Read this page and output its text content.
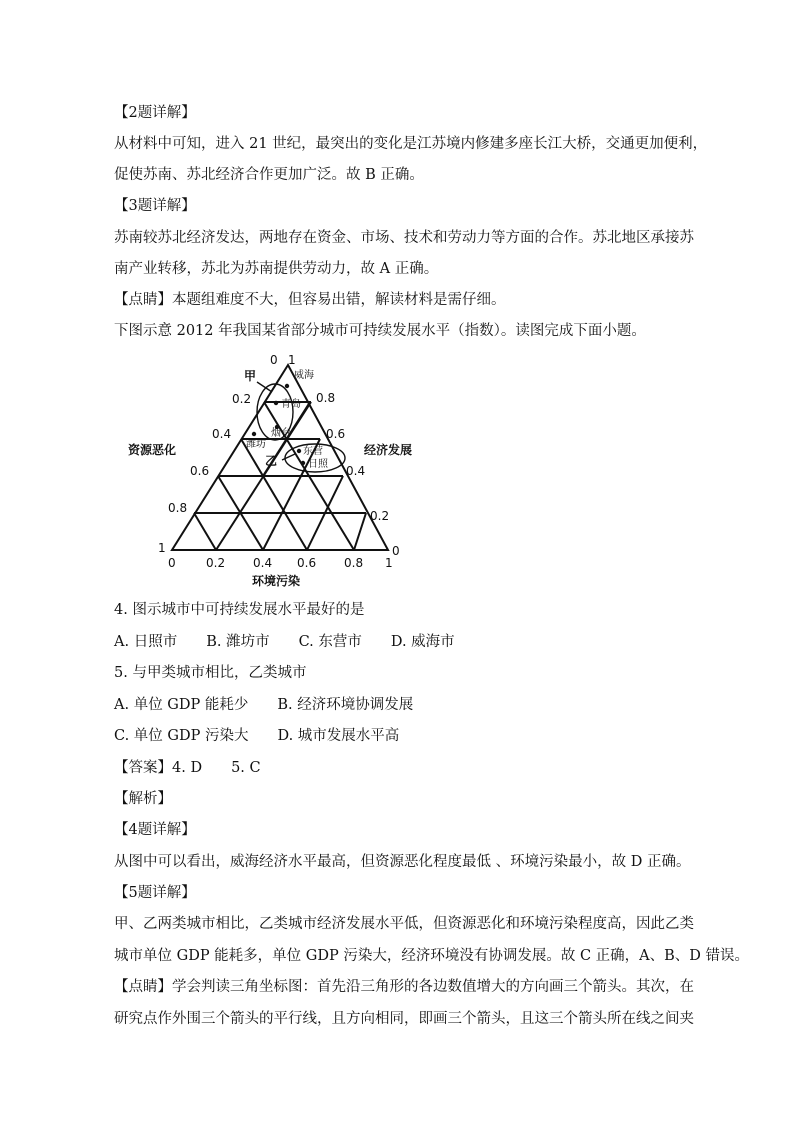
【2题详解】
从材料中可知，进入 21 世纪，最突出的变化是江苏境内修建多座长江大桥，交通更加便利，
促使苏南、苏北经济合作更加广泛。故 B 正确。
【3题详解】
苏南较苏北经济发达，两地存在资金、市场、技术和劳动力等方面的合作。苏北地区承接苏
南产业转移，苏北为苏南提供劳动力，故 A 正确。
【点睛】本题组难度不大，但容易出错，解读材料是需仔细。
下图示意 2012 年我国某省部分城市可持续发展水平（指数）。读图完成下面小题。
0 1
0.2
0.4
0.6
0.8
1
0.8
0.6
0.4
0.2
0
0	0.2 0.4 0.6 0.8 1
资源恶化	经济发展
环境污染
甲
乙
威海
青岛
烟台
潍坊
东营
日照
4. 图示城市中可持续发展水平最好的是
A. 日照市　　B. 潍坊市　　C. 东营市　　D. 威海市
5. 与甲类城市相比，乙类城市
A. 单位 GDP 能耗少　　B. 经济环境协调发展
C. 单位 GDP 污染大　　D. 城市发展水平高
【答案】4. D　　5. C
【解析】
【4题详解】
从图中可以看出，威海经济水平最高，但资源恶化程度最低 、环境污染最小，故 D 正确。
【5题详解】
甲、乙两类城市相比，乙类城市经济发展水平低，但资源恶化和环境污染程度高，因此乙类
城市单位 GDP 能耗多，单位 GDP 污染大，经济环境没有协调发展。故 C 正确，A、B、D 错误。
【点睛】学会判读三角坐标图：首先沿三角形的各边数值增大的方向画三个箭头。其次，在
研究点作外围三个箭头的平行线，且方向相同，即画三个箭头，且这三个箭头所在线之间夹
